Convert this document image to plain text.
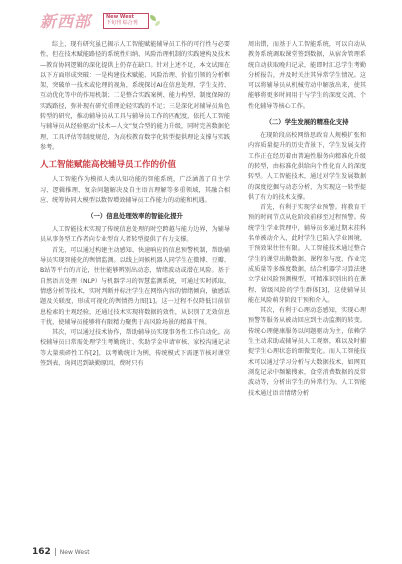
新西部	New West
下旬刊 综合刊

综上，现有研究虽已揭示人工智能赋能辅导员工作的可行性与必要性，但在技术赋能路径的系统性归纳、风险治理机制的实践建构及技术—教育协同逻辑的深化提供上仍存在缺口。针对上述不足，本文试图在以下方面形成突破：一是构建技术赋能、风险治理、价值引领的分析框架，突破单一技术或伦理的视角，系统探讨AI在信息处理、学生支持、互动优化等中的作用机制；二是整合实践案例、能力构型、制度保障的实践路径，弥补现有研究重理论轻实践的不足；三是深化对辅导员角色转型的研究，推动辅导员从工具与辅导员工作的匹配度，依托人工智能与辅导员从经验驱动“技术—人文”复合型的能力升级，同时完善数据伦理、工具评估等制度规范，为高校教育数字化转型提供理论支撑与实践参考。

人工智能赋能高校辅导员工作的价值

人工智能作为模拟人类认知功能的智能系统，广泛涵盖了自主学习、逻辑推理、复杂问题解决及自主语言理解等多重领域，其融合相应、统筹协同大模型以数智增效辅导员工作能力的动能和机遇。

（一）信息处理效率的智能化提升

人工智能技术实现了传统信息处理的时空跨越与能力边界，为辅导员从事务型工作者向专业型育人者转型提供了有力支撑。

首先，可以通过构建主动感知、快速响应的信息预警机制，帮助辅导员实现智能化的舆情监测。以线上问候机器人同学生在微博、豆瓣、B站等平台的言论，往往能够辨别出动态，情绪波动或潜在风险。基于自然语言处理（NLP）与机器学习的智慧监测系统，可通过实时抓取、情感分析等技术，实时判断并标注学生在网络内容的情绪倾向，敏感话题及关联度，形成可视化的舆情热力图[1]。这一过程不仅降低目前信息检索的主观经验，还通过技术实现将数据的效性，从识别了无效信息干扰，使辅导员能够将有限精力聚焦于高风险场景的精准干预。

其次，可以通过技术协作，帮助辅导员实现事务性工作自动化。高校辅导员日常需处理学生考勤统计、奖助学金申请审核、家校沟通记录等大量琐碎性工作[2]，以考勤统计为例，传统模式下需逐节核对课堂签到表、询问迟到缺勤原因，费时只有

周出错，而基于人工智能系统，可以自动从教务系统调取课堂签到数据，从宿舍管理系统自动获取晚归记录，能即时汇总学生考勤分析报告，并及时关注其异常学生情况。这可以将辅导员从机械劳动中解放出来，使其能够将更多时间用于与学生的深度交流、个性化辅导等核心工作。

（二）学生发展的精准化支持

在现阶段高校网络思政育人规模扩张和内容质量提升的历史背景下，学生发展支持工作正在经历着由普遍性服务向精准化升级的转型，由标准化供给向个性化育人的深度转型。人工智能技术，通过对学生发展数据的深度挖掘与动态分析，为实现这一转型提供了有力的技术支撑。

首先，有利于实现学业预警。将教育干预的时间节点从危阶段前移至过程预警。传统学生学业管理中，辅导员多通过期末挂科名单被动介入，此时学生已陷入学业困境，干预效果往往有限。人工智能技术通过整合学生的课堂出勤数据、课程参与度、作业完成质量等多维度数据，结合机器学习算法建立学业风险预测模型，可精准识别出的在课程、留级风险的学生群体[3]，这使辅导员能在风险萌芽阶段干预和介入。

其次，有利于心理动态感知，实现心理预警等服务从被动回应到主动监测的转变。传统心理健康服务以问题驱动为主，依赖学生主动求助或辅导员人工观察，难以及时捕捉学生心理状态的细微变化。而人工智能技术可以通过学习分析与大数据技术，如网页浏览记录中频繁搜索，食堂消费数据的反常波动等，分析出学生的异常行为。人工智能技术通过语音情绪分析

162 New West
